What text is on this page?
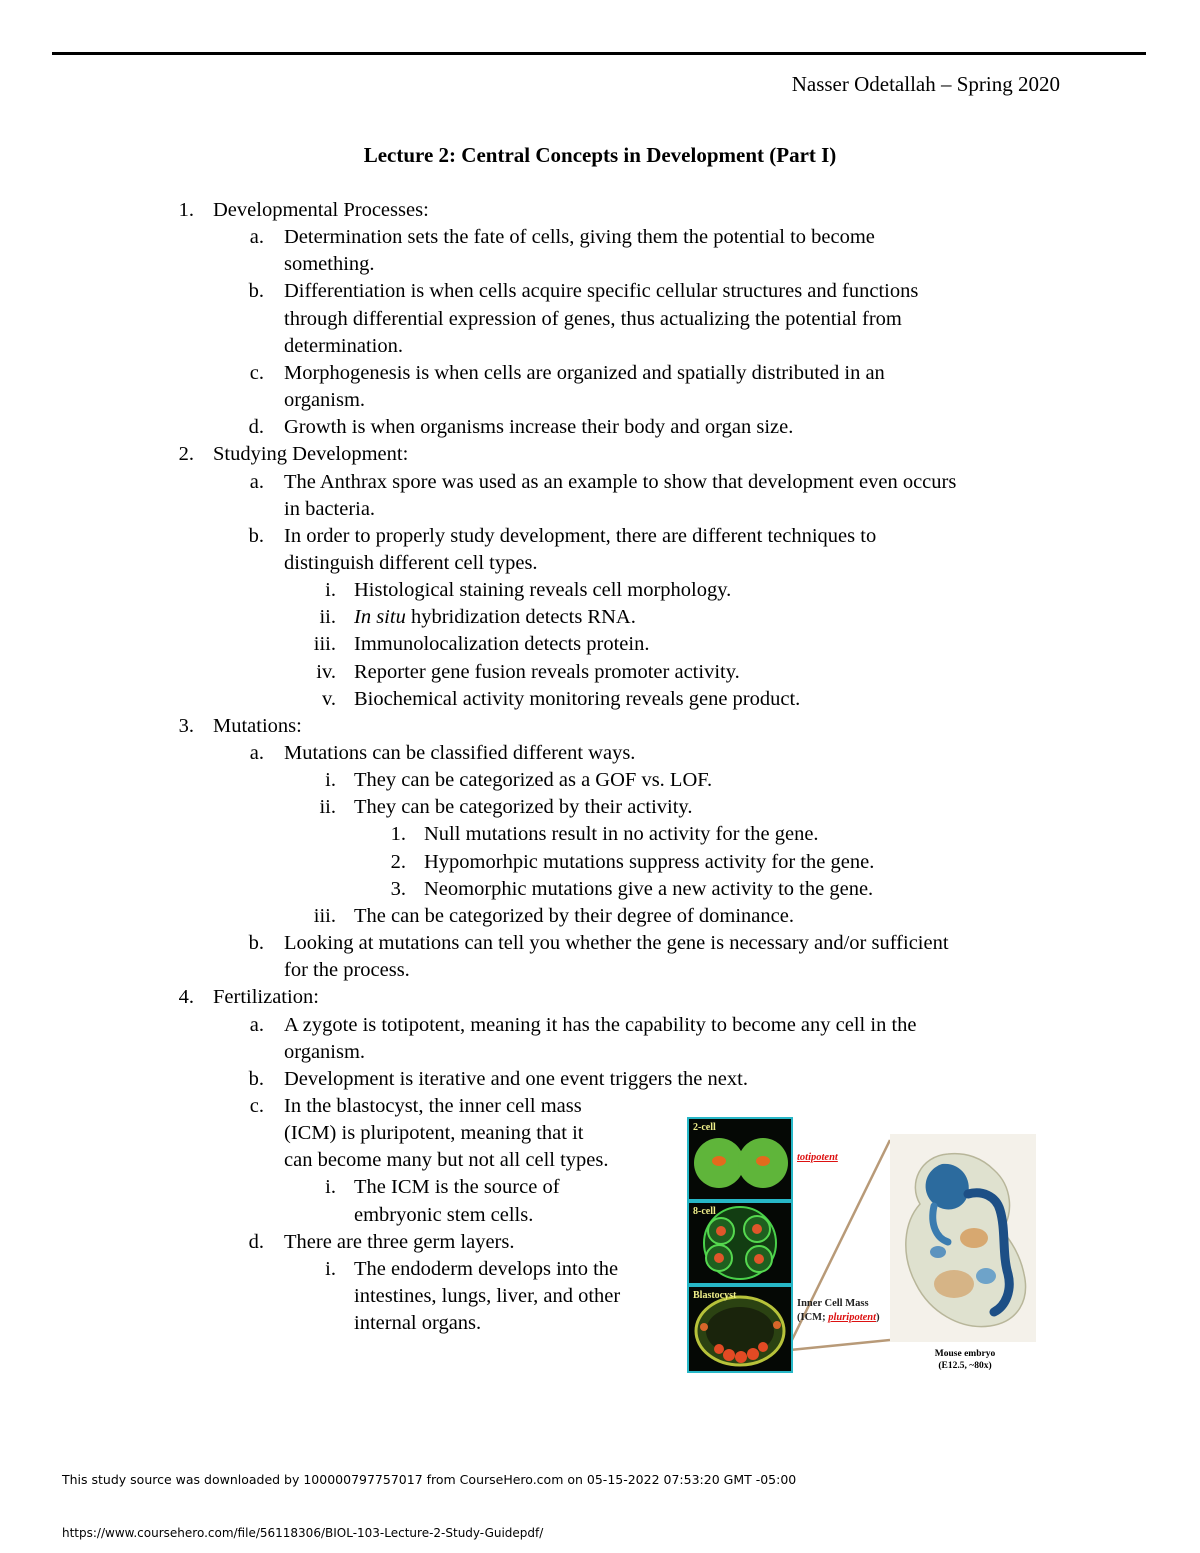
Nasser Odetallah – Spring 2020
Lecture 2: Central Concepts in Development (Part I)
1. Developmental Processes:
a. Determination sets the fate of cells, giving them the potential to become
something.
b. Differentiation is when cells acquire specific cellular structures and functions
through differential expression of genes, thus actualizing the potential from
determination.
c. Morphogenesis is when cells are organized and spatially distributed in an
organism.
d. Growth is when organisms increase their body and organ size.
2. Studying Development:
a. The Anthrax spore was used as an example to show that development even occurs
in bacteria.
b. In order to properly study development, there are different techniques to
distinguish different cell types.
i. Histological staining reveals cell morphology.
ii. In situ hybridization detects RNA.
iii. Immunolocalization detects protein.
iv. Reporter gene fusion reveals promoter activity.
v. Biochemical activity monitoring reveals gene product.
3. Mutations:
a. Mutations can be classified different ways.
i. They can be categorized as a GOF vs. LOF.
ii. They can be categorized by their activity.
1. Null mutations result in no activity for the gene.
2. Hypomorhpic mutations suppress activity for the gene.
3. Neomorphic mutations give a new activity to the gene.
iii. The can be categorized by their degree of dominance.
b. Looking at mutations can tell you whether the gene is necessary and/or sufficient
for the process.
4. Fertilization:
a. A zygote is totipotent, meaning it has the capability to become any cell in the
organism.
b. Development is iterative and one event triggers the next.
c. In the blastocyst, the inner cell mass
(ICM) is pluripotent, meaning that it
can become many but not all cell types.
i. The ICM is the source of
embryonic stem cells.
d. There are three germ layers.
i. The endoderm develops into the
intestines, lungs, liver, and other
internal organs.
2-cell
8-cell
Blastocyst
totipotent
Inner Cell Mass
(ICM; pluripotent)
Mouse embryo
(E12.5, ~80x)
This study source was downloaded by 100000797757017 from CourseHero.com on 05-15-2022 07:53:20 GMT -05:00
https://www.coursehero.com/file/56118306/BIOL-103-Lecture-2-Study-Guidepdf/
